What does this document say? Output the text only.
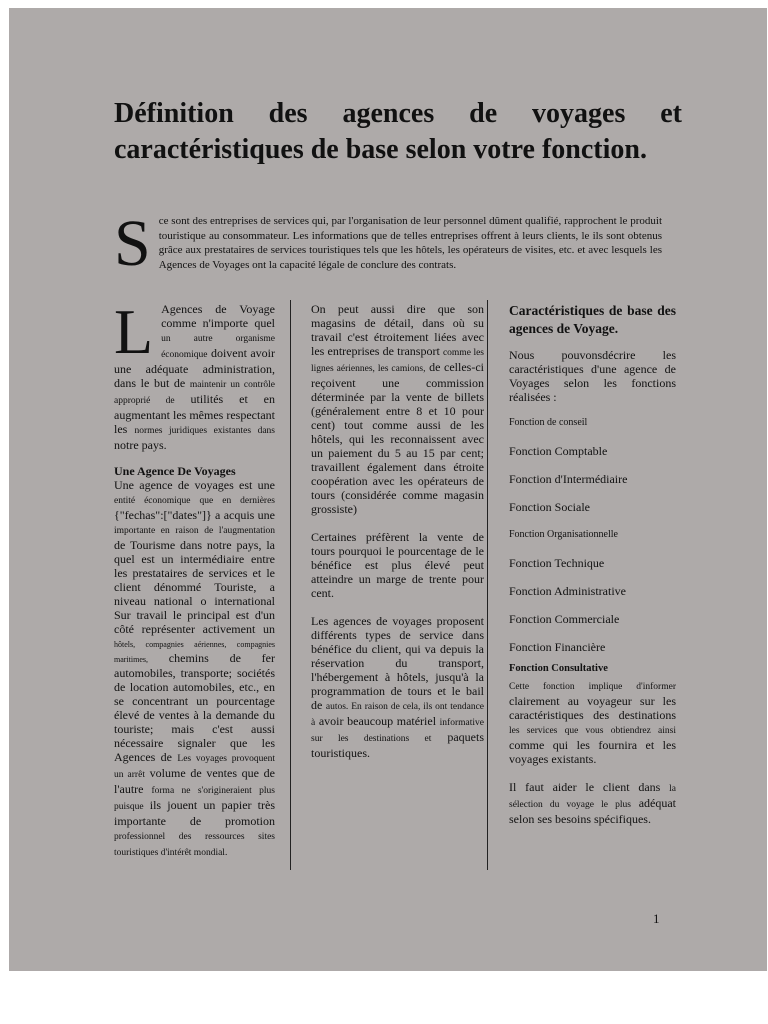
Définition des agences de voyages et caractéristiques de base selon votre fonction.

S ce sont des entreprises de services qui, par l'organisation de leur personnel dûment qualifié, rapprochent le produit touristique au consommateur. Les informations que de telles entreprises offrent à leurs clients, le ils sont obtenus grâce aux prestataires de services touristiques tels que les hôtels, les opérateurs de visites, etc. et avec lesquels les Agences de Voyages ont la capacité légale de conclure des contrats.

L Agences de Voyage comme n'importe quel un autre organisme économique doivent avoir une adéquate administration, dans le but de maintenir un contrôle approprié de utilités et en augmentant les mêmes respectant les normes juridiques existantes dans notre pays.

Une Agence De Voyages

Une agence de voyages est une entité économique que en dernières {"fechas":["dates"]} a acquis une importante en raison de l'augmentation de Tourisme dans notre pays, la quel est un intermédiaire entre les prestataires de services et le client dénommé Touriste, a niveau national o international Sur travail le principal est d'un côté représenter activement un hôtels, compagnies aériennes, compagnies maritimes, chemins de fer automobiles, transporte; sociétés de location automobiles, etc., en se concentrant un pourcentage élevé de ventes à la demande du touriste; mais c'est aussi nécessaire signaler que les Agences de Les voyages provoquent un arrêt volume de ventes que de l'autre forma ne s'origineraient plus puisque ils jouent un papier très importante de promotion professionnel des ressources sites touristiques d'intérêt mondial.

On peut aussi dire que son magasins de détail, dans où su travail c'est étroitement liées avec les entreprises de transport comme les lignes aériennes, les camions, de celles-ci reçoivent une commission déterminée par la vente de billets (généralement entre 8 et 10 pour cent) tout comme aussi de les hôtels, qui les reconnaissent avec un paiement du 5 au 15 par cent; travaillent également dans étroite coopération avec les opérateurs de tours (considérée comme magasin grossiste)

Certaines préfèrent la vente de tours pourquoi le pourcentage de le bénéfice est plus élevé peut atteindre un marge de trente pour cent.

Les agences de voyages proposent différents types de service dans bénéfice du client, qui va depuis la réservation du transport, l'hébergement à hôtels, jusqu'à la programmation de tours et le bail de autos. En raison de cela, ils ont tendance à avoir beaucoup matériel informative sur les destinations et paquets touristiques.

Caractéristiques de base des agences de Voyage.

Nous pouvonsdécrire les caractéristiques d'une agence de Voyages selon les fonctions réalisées :

Fonction de conseil

Fonction Comptable

Fonction d'Intermédiaire

Fonction Sociale

Fonction Organisationnelle

Fonction Technique

Fonction Administrative

Fonction Commerciale

Fonction Financière

Fonction Consultative

Cette fonction implique d'informer clairement au voyageur sur les caractéristiques des destinations les services que vous obtiendrez ainsi comme qui les fournira et les voyages existants.

Il faut aider le client dans la sélection du voyage le plus adéquat selon ses besoins spécifiques.

1
